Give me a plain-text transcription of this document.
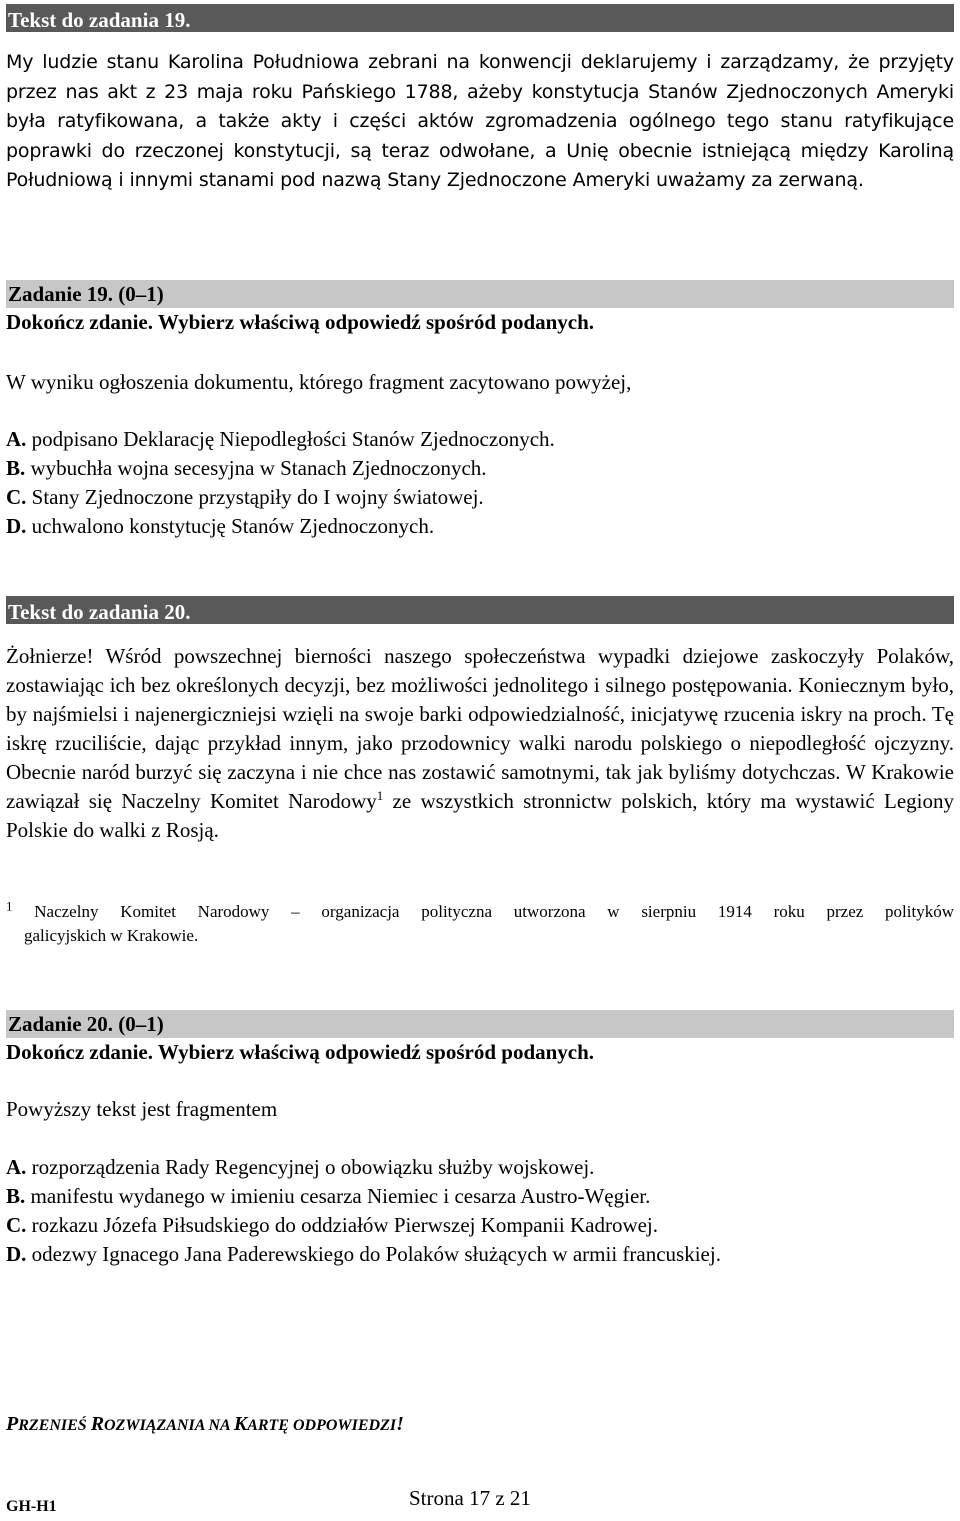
Tekst do zadania 19.

My ludzie stanu Karolina Południowa zebrani na konwencji deklarujemy i zarządzamy, że przyjęty przez nas akt z 23 maja roku Pańskiego 1788, ażeby konstytucja Stanów Zjednoczonych Ameryki była ratyfikowana, a także akty i części aktów zgromadzenia ogólnego tego stanu ratyfikujące poprawki do rzeczonej konstytucji, są teraz odwołane, a Unię obecnie istniejącą między Karoliną Południową i innymi stanami pod nazwą Stany Zjednoczone Ameryki uważamy za zerwaną.

Zadanie 19. (0–1)
Dokończ zdanie. Wybierz właściwą odpowiedź spośród podanych.

W wyniku ogłoszenia dokumentu, którego fragment zacytowano powyżej,

A. podpisano Deklarację Niepodległości Stanów Zjednoczonych.

B. wybuchła wojna secesyjna w Stanach Zjednoczonych.

C. Stany Zjednoczone przystąpiły do I wojny światowej.

D. uchwalono konstytucję Stanów Zjednoczonych.

Tekst do zadania 20.

Żołnierze! Wśród powszechnej bierności naszego społeczeństwa wypadki dziejowe zaskoczyły Polaków, zostawiając ich bez określonych decyzji, bez możliwości jednolitego i silnego postępowania. Koniecznym było, by najśmielsi i najenergiczniejsi wzięli na swoje barki odpowiedzialność, inicjatywę rzucenia iskry na proch. Tę iskrę rzuciliście, dając przykład innym, jako przodownicy walki narodu polskiego o niepodległość ojczyzny. Obecnie naród burzyć się zaczyna i nie chce nas zostawić samotnymi, tak jak byliśmy dotychczas. W Krakowie zawiązał się Naczelny Komitet Narodowy$^1$ ze wszystkich stronnictw polskich, który ma wystawić Legiony Polskie do walki z Rosją.

$^1$ Naczelny Komitet Narodowy – organizacja polityczna utworzona w sierpniu 1914 roku przez polityków

galicyjskich w Krakowie.

Zadanie 20. (0–1)
Dokończ zdanie. Wybierz właściwą odpowiedź spośród podanych.

Powyższy tekst jest fragmentem

A. rozporządzenia Rady Regencyjnej o obowiązku służby wojskowej.

B. manifestu wydanego w imieniu cesarza Niemiec i cesarza Austro-Węgier.

C. rozkazu Józefa Piłsudskiego do oddziałów Pierwszej Kompanii Kadrowej.

D. odezwy Ignacego Jana Paderewskiego do Polaków służących w armii francuskiej.

PRZENIEŚ ROZWIĄZANIA NA KARTĘ ODPOWIEDZI!

GH-H1	Strona 17 z 21
